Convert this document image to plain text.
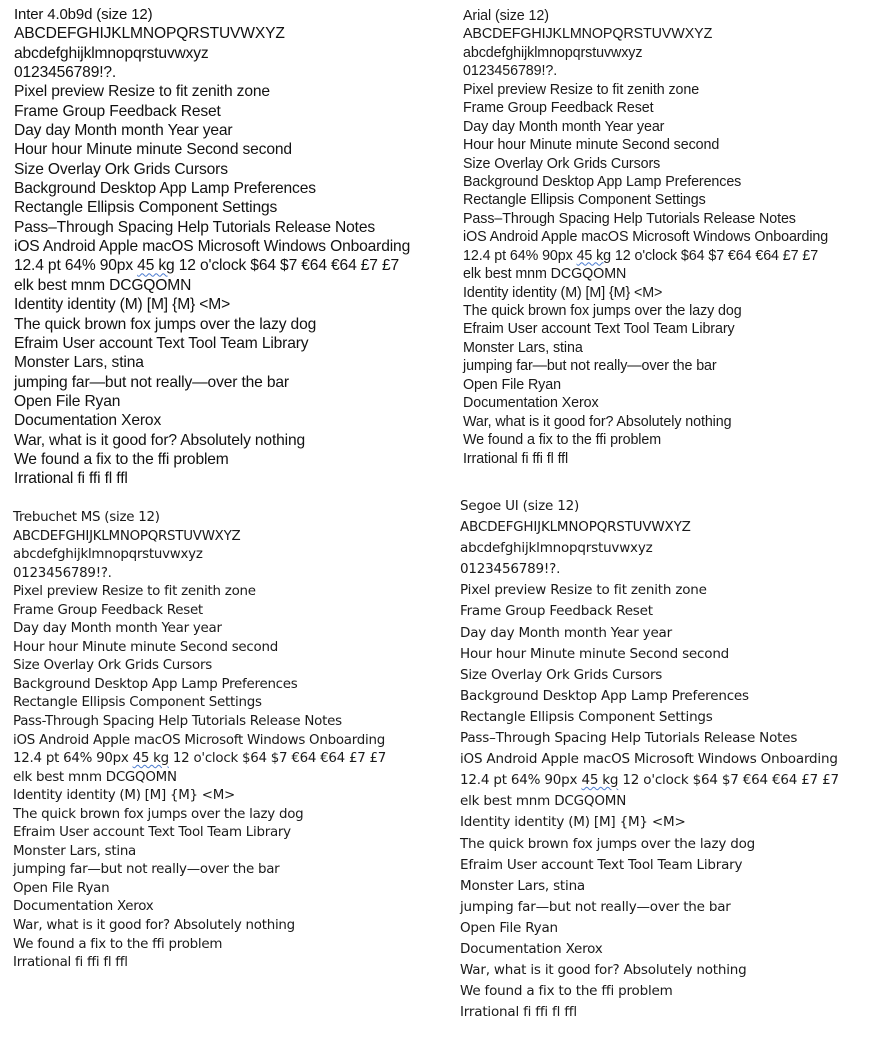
Inter 4.0b9d (size 12)
ABCDEFGHIJKLMNOPQRSTUVWXYZ
abcdefghijklmnopqrstuvwxyz
0123456789!?.
Pixel preview Resize to fit zenith zone
Frame Group Feedback Reset
Day day Month month Year year
Hour hour Minute minute Second second
Size Overlay Ork Grids Cursors
Background Desktop App Lamp Preferences
Rectangle Ellipsis Component Settings
Pass–Through Spacing Help Tutorials Release Notes
iOS Android Apple macOS Microsoft Windows Onboarding
12.4 pt 64% 90px 45 kg 12 o'clock $64 $7 €64 €64 £7 £7
elk best mnm DCGQOMN
Identity identity (M) [M] {M} <M>
The quick brown fox jumps over the lazy dog
Efraim User account Text Tool Team Library
Monster Lars, stina
jumping far—but not really—over the bar
Open File Ryan
Documentation Xerox
War, what is it good for? Absolutely nothing
We found a fix to the ffi problem
Irrational fi ffi fl ffl
Arial (size 12)
ABCDEFGHIJKLMNOPQRSTUVWXYZ
abcdefghijklmnopqrstuvwxyz
0123456789!?.
Pixel preview Resize to fit zenith zone
Frame Group Feedback Reset
Day day Month month Year year
Hour hour Minute minute Second second
Size Overlay Ork Grids Cursors
Background Desktop App Lamp Preferences
Rectangle Ellipsis Component Settings
Pass–Through Spacing Help Tutorials Release Notes
iOS Android Apple macOS Microsoft Windows Onboarding
12.4 pt 64% 90px 45 kg 12 o'clock $64 $7 €64 €64 £7 £7
elk best mnm DCGQOMN
Identity identity (M) [M] {M} <M>
The quick brown fox jumps over the lazy dog
Efraim User account Text Tool Team Library
Monster Lars, stina
jumping far—but not really—over the bar
Open File Ryan
Documentation Xerox
War, what is it good for? Absolutely nothing
We found a fix to the ffi problem
Irrational fi ffi fl ffl
Trebuchet MS (size 12)
ABCDEFGHIJKLMNOPQRSTUVWXYZ
abcdefghijklmnopqrstuvwxyz
0123456789!?.
Pixel preview Resize to fit zenith zone
Frame Group Feedback Reset
Day day Month month Year year
Hour hour Minute minute Second second
Size Overlay Ork Grids Cursors
Background Desktop App Lamp Preferences
Rectangle Ellipsis Component Settings
Pass-Through Spacing Help Tutorials Release Notes
iOS Android Apple macOS Microsoft Windows Onboarding
12.4 pt 64% 90px 45 kg 12 o'clock $64 $7 €64 €64 £7 £7
elk best mnm DCGQOMN
Identity identity (M) [M] {M} <M>
The quick brown fox jumps over the lazy dog
Efraim User account Text Tool Team Library
Monster Lars, stina
jumping far—but not really—over the bar
Open File Ryan
Documentation Xerox
War, what is it good for? Absolutely nothing
We found a fix to the ffi problem
Irrational fi ffi fl ffl
Segoe UI (size 12)
ABCDEFGHIJKLMNOPQRSTUVWXYZ
abcdefghijklmnopqrstuvwxyz
0123456789!?.
Pixel preview Resize to fit zenith zone
Frame Group Feedback Reset
Day day Month month Year year
Hour hour Minute minute Second second
Size Overlay Ork Grids Cursors
Background Desktop App Lamp Preferences
Rectangle Ellipsis Component Settings
Pass–Through Spacing Help Tutorials Release Notes
iOS Android Apple macOS Microsoft Windows Onboarding
12.4 pt 64% 90px 45 kg 12 o'clock $64 $7 €64 €64 £7 £7
elk best mnm DCGQOMN
Identity identity (M) [M] {M} <M>
The quick brown fox jumps over the lazy dog
Efraim User account Text Tool Team Library
Monster Lars, stina
jumping far—but not really—over the bar
Open File Ryan
Documentation Xerox
War, what is it good for? Absolutely nothing
We found a fix to the ffi problem
Irrational fi ffi fl ffl
